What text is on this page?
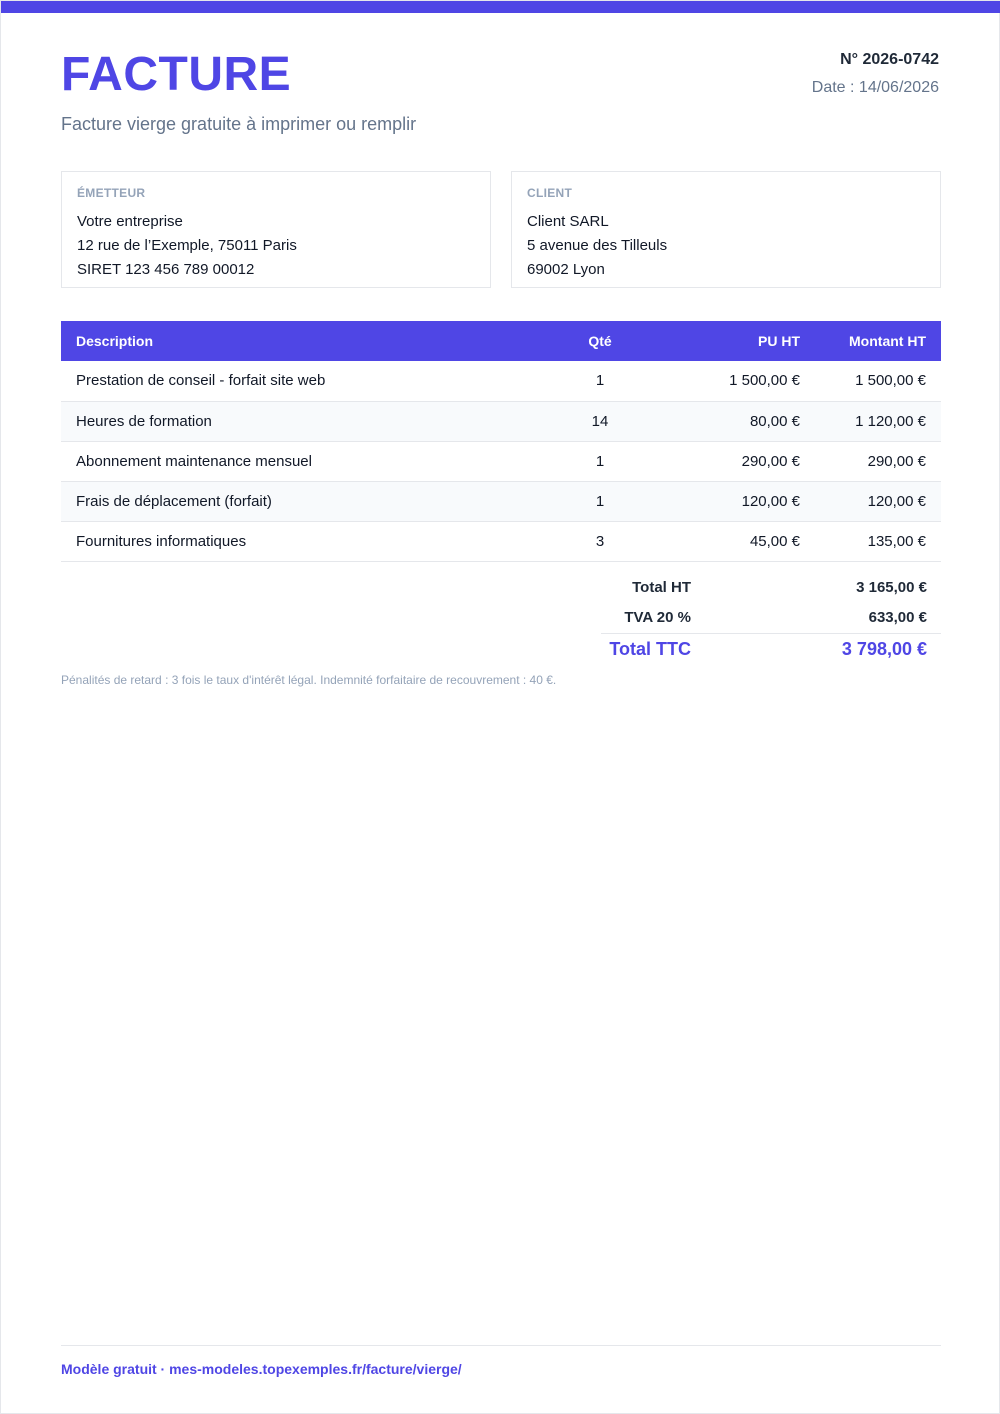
FACTURE
Facture vierge gratuite à imprimer ou remplir
N° 2026-0742
Date : 14/06/2026
ÉMETTEUR
Votre entreprise
12 rue de l’Exemple, 75011 Paris
SIRET 123 456 789 00012
CLIENT
Client SARL
5 avenue des Tilleuls
69002 Lyon
Description	Qté	PU HT	Montant HT
Prestation de conseil - forfait site web	1	1 500,00 €	1 500,00 €
Heures de formation	14	80,00 €	1 120,00 €
Abonnement maintenance mensuel	1	290,00 €	290,00 €
Frais de déplacement (forfait)	1	120,00 €	120,00 €
Fournitures informatiques	3	45,00 €	135,00 €
Total HT	3 165,00 €
TVA 20 %	633,00 €
Total TTC	3 798,00 €
Pénalités de retard : 3 fois le taux d'intérêt légal. Indemnité forfaitaire de recouvrement : 40 €.
Modèle gratuit · mes-modeles.topexemples.fr/facture/vierge/
